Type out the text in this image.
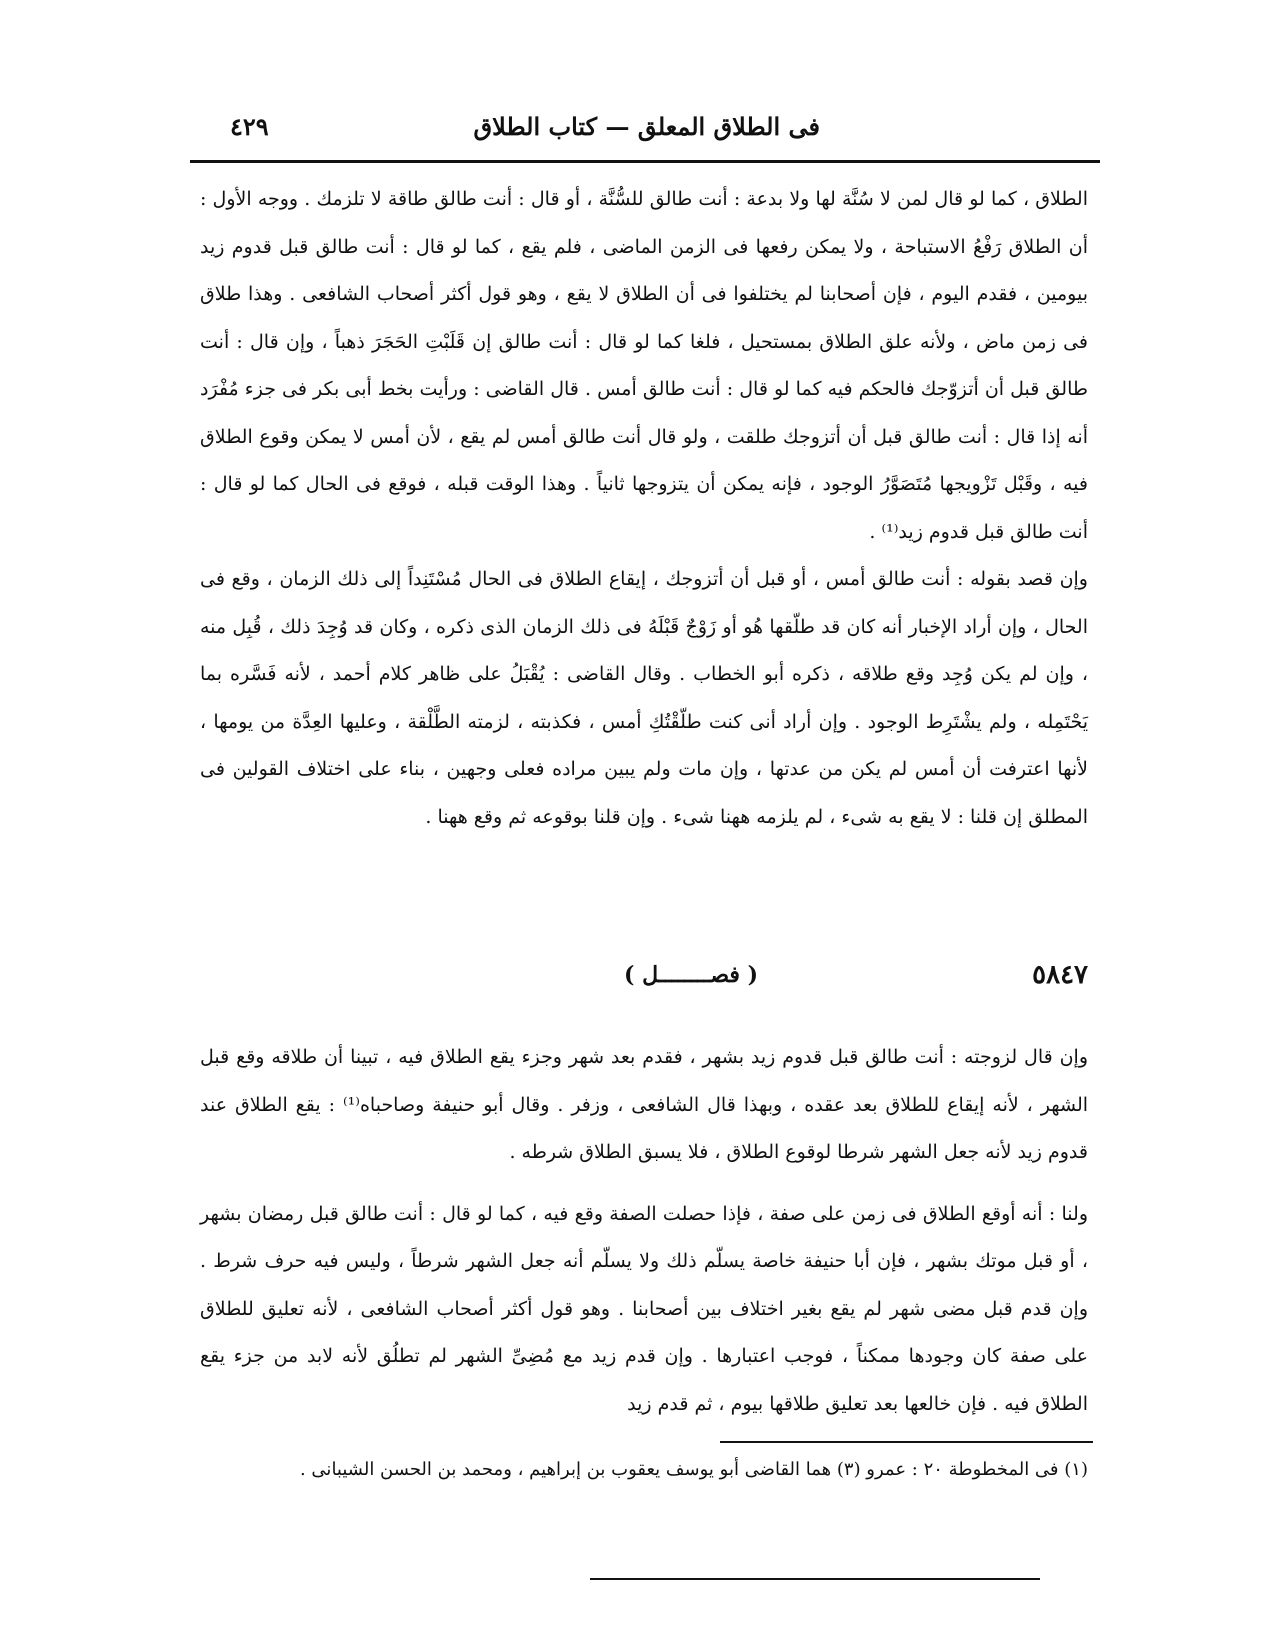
فى الطلاق المعلق — كتاب الطلاق
٤٢٩

الطلاق ، كما لو قال لمن لا سُنَّة لها ولا بدعة : أنت طالق للسُّنَّة ، أو قال : أنت طالق طاقة لا تلزمك . ووجه الأول : أن الطلاق رَفْعُ الاستباحة ، ولا يمكن رفعها فى الزمن الماضى ، فلم يقع ، كما لو قال : أنت طالق قبل قدوم زيد بيومين ، فقدم اليوم ، فإن أصحابنا لم يختلفوا فى أن الطلاق لا يقع ، وهو قول أكثر أصحاب الشافعى . وهذا طلاق فى زمن ماض ، ولأنه علق الطلاق بمستحيل ، فلغا كما لو قال : أنت طالق إن قَلَبْتِ الحَجَرَ ذهباً ، وإن قال : أنت طالق قبل أن أتزوّجك فالحكم فيه كما لو قال : أنت طالق أمس . قال القاضى : ورأيت بخط أبى بكر فى جزء مُفْرَد أنه إذا قال : أنت طالق قبل أن أتزوجك طلقت ، ولو قال أنت طالق أمس لم يقع ، لأن أمس لا يمكن وقوع الطلاق فيه ، وقَبْل تَزْويجها مُتَصَوَّرُ الوجود ، فإنه يمكن أن يتزوجها ثانياً . وهذا الوقت قبله ، فوقع فى الحال كما لو قال : أنت طالق قبل قدوم زيد⁽¹⁾ .

وإن قصد بقوله : أنت طالق أمس ، أو قبل أن أتزوجك ، إيقاع الطلاق فى الحال مُسْتَنِداً إلى ذلك الزمان ، وقع فى الحال ، وإن أراد الإخبار أنه كان قد طلّقها هُو أو زَوْجٌ قَبْلَهُ فى ذلك الزمان الذى ذكره ، وكان قد وُجِدَ ذلك ، قُبِل منه ، وإن لم يكن وُجِد وقع طلاقه ، ذكره أبو الخطاب . وقال القاضى : يُقْبَلُ على ظاهر كلام أحمد ، لأنه فَسَّره بما يَحْتَمِله ، ولم يشْتَرِط الوجود . وإن أراد أنى كنت طلّقْتُكِ أمس ، فكذبته ، لزمته الطَّلْقة ، وعليها العِدَّة من يومها ، لأنها اعترفت أن أمس لم يكن من عدتها ، وإن مات ولم يبين مراده فعلى وجهين ، بناء على اختلاف القولين فى المطلق إن قلنا : لا يقع به شىء ، لم يلزمه ههنا شىء . وإن قلنا بوقوعه ثم وقع ههنا .

٥٨٤٧
( فصــــــــل )

وإن قال لزوجته : أنت طالق قبل قدوم زيد بشهر ، فقدم بعد شهر وجزء يقع الطلاق فيه ، تبينا أن طلاقه وقع قبل الشهر ، لأنه إيقاع للطلاق بعد عقده ، وبهذا قال الشافعى ، وزفر . وقال أبو حنيفة وصاحباه⁽¹⁾ : يقع الطلاق عند قدوم زيد لأنه جعل الشهر شرطا لوقوع الطلاق ، فلا يسبق الطلاق شرطه .

ولنا : أنه أوقع الطلاق فى زمن على صفة ، فإذا حصلت الصفة وقع فيه ، كما لو قال : أنت طالق قبل رمضان بشهر ، أو قبل موتك بشهر ، فإن أبا حنيفة خاصة يسلّم ذلك ولا يسلّم أنه جعل الشهر شرطاً ، وليس فيه حرف شرط . وإن قدم قبل مضى شهر لم يقع بغير اختلاف بين أصحابنا . وهو قول أكثر أصحاب الشافعى ، لأنه تعليق للطلاق على صفة كان وجودها ممكناً ، فوجب اعتبارها . وإن قدم زيد مع مُضِىِّ الشهر لم تطلُق لأنه لابد من جزء يقع الطلاق فيه . فإن خالعها بعد تعليق طلاقها بيوم ، ثم قدم زيد

(١) فى المخطوطة ٢٠ : عمرو (٣) هما القاضى أبو يوسف يعقوب بن إبراهيم ، ومحمد بن الحسن الشيبانى .
